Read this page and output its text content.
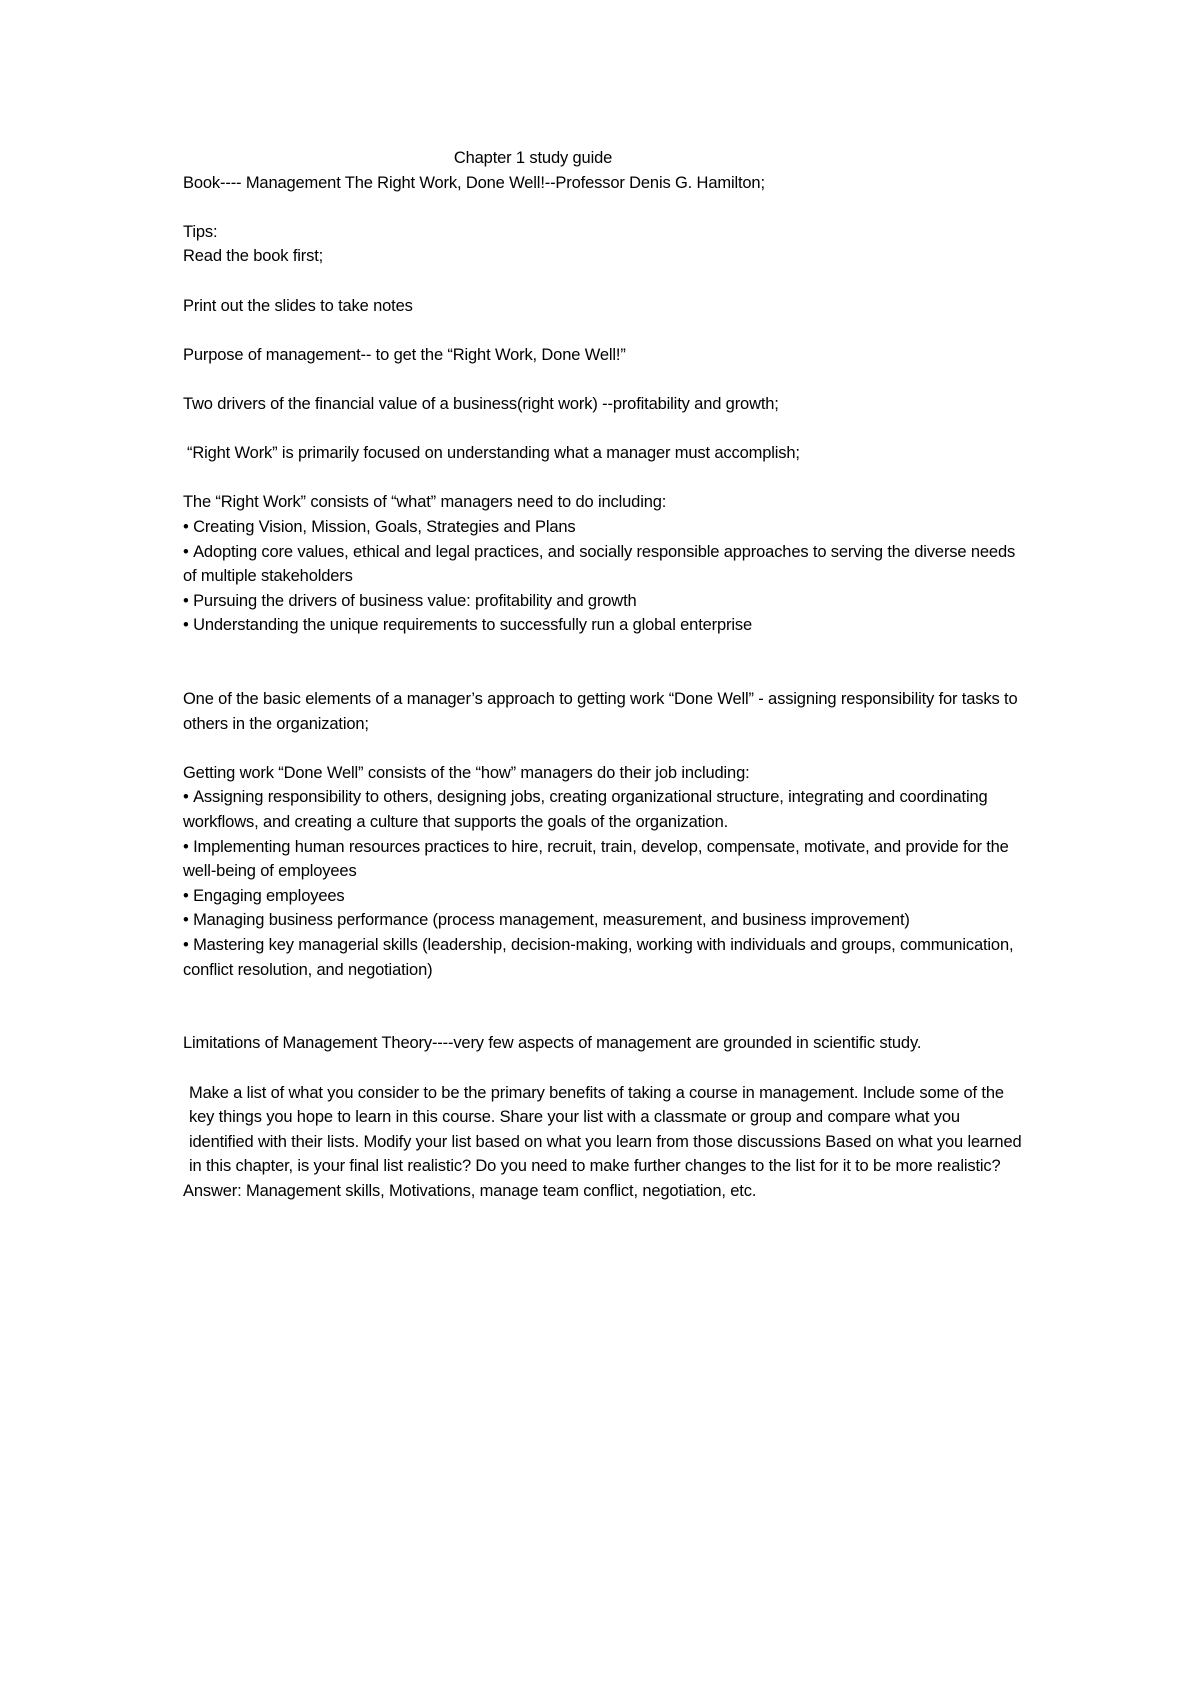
Chapter 1 study guide

Book---- Management The Right Work, Done Well!--Professor Denis G. Hamilton;

Tips:

Read the book first;

Print out the slides to take notes

Purpose of management-- to get the “Right Work, Done Well!”

Two drivers of the financial value of a business(right work) --profitability and growth;

“Right Work” is primarily focused on understanding what a manager must accomplish;

The “Right Work” consists of “what” managers need to do including:

• Creating Vision, Mission, Goals, Strategies and Plans

• Adopting core values, ethical and legal practices, and socially responsible approaches to serving the diverse needs of multiple stakeholders

• Pursuing the drivers of business value: profitability and growth

• Understanding the unique requirements to successfully run a global enterprise

One of the basic elements of a manager’s approach to getting work “Done Well” - assigning responsibility for tasks to others in the organization;

Getting work “Done Well” consists of the “how” managers do their job including:

• Assigning responsibility to others, designing jobs, creating organizational structure, integrating and coordinating workflows, and creating a culture that supports the goals of the organization.

• Implementing human resources practices to hire, recruit, train, develop, compensate, motivate, and provide for the well-being of employees

• Engaging employees

• Managing business performance (process management, measurement, and business improvement)

• Mastering key managerial skills (leadership, decision-making, working with individuals and groups, communication, conflict resolution, and negotiation)

Limitations of Management Theory----very few aspects of management are grounded in scientific study.

Make a list of what you consider to be the primary benefits of taking a course in management. Include some of the key things you hope to learn in this course. Share your list with a classmate or group and compare what you identified with their lists. Modify your list based on what you learn from those discussions Based on what you learned in this chapter, is your final list realistic? Do you need to make further changes to the list for it to be more realistic?

Answer: Management skills, Motivations, manage team conflict, negotiation, etc.
